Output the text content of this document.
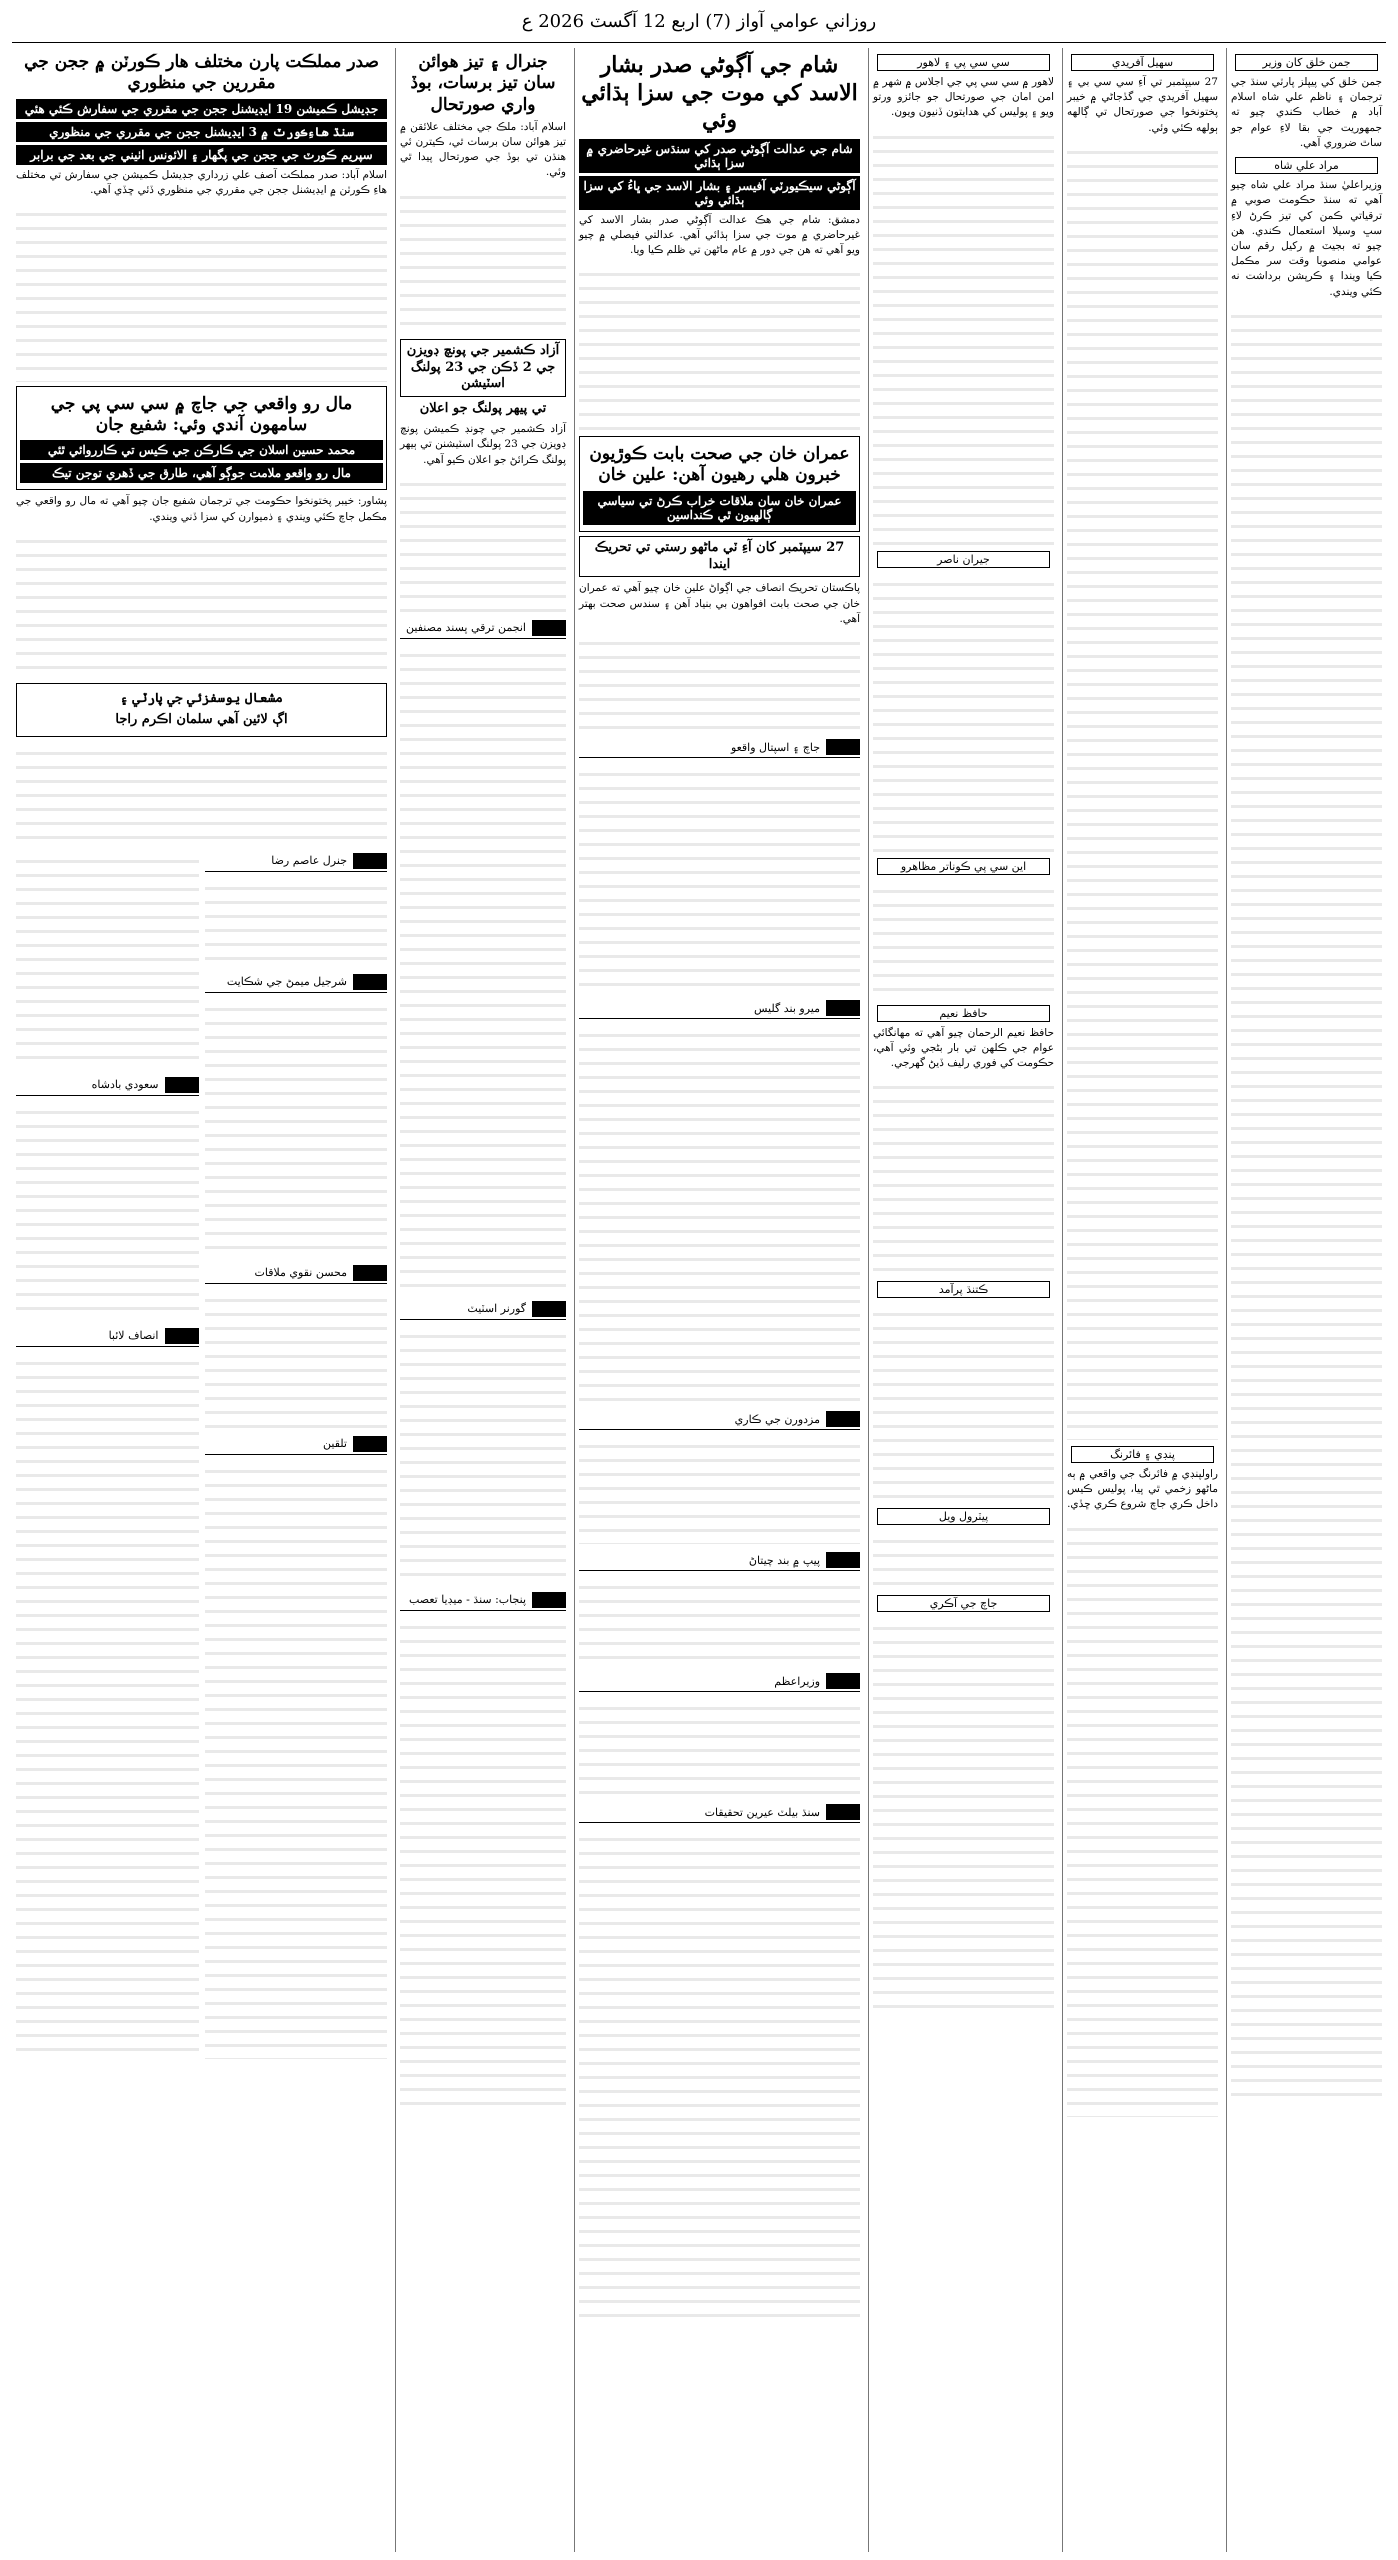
روزاني عوامي آواز (7) اربع 12 آگسٽ 2026 ع
جمن خلق کان وزير
جمن خلق کي پيپلز پارٽي سنڌ جي ترجمان ۽ ناظم علي شاه اسلام آباد ۾ خطاب ڪندي چيو ته جمهوريت جي بقا لاءِ عوام جو ساٿ ضروري آهي.
مراد علي شاه
وزيراعليٰ سنڌ مراد علي شاه چيو آهي ته سنڌ حڪومت صوبي ۾ ترقياتي ڪمن کي تيز ڪرڻ لاءِ سڀ وسيلا استعمال ڪندي. هن چيو ته بجيٽ ۾ رکيل رقم سان عوامي منصوبا وقت سر مڪمل ڪيا ويندا ۽ ڪرپشن برداشت نه ڪئي ويندي.
سهيل آفريدي
27 سيپٽمبر تي آءِ سي سي بي ۽ سهيل آفريدي جي گڏجاڻي ۾ خيبر پختونخوا جي صورتحال تي ڳالهه ٻولهه ڪئي وئي.
پنڊي ۽ فائرنگ
راولپنڊي ۾ فائرنگ جي واقعي ۾ ٻه ماڻهو زخمي ٿي پيا، پوليس ڪيس داخل ڪري جاچ شروع ڪري ڇڏي.
سي سي پي ۽ لاهور
لاهور ۾ سي سي پي جي اجلاس ۾ شهر ۾ امن امان جي صورتحال جو جائزو ورتو ويو ۽ پوليس کي هدايتون ڏنيون ويون.
جيران ناصر
اين سي پي ڪوناتر مظاهرو
حافظ نعيم
حافظ نعيم الرحمان چيو آهي ته مهانگائي عوام جي ڪلهن تي بار بڻجي وئي آهي، حڪومت کي فوري رليف ڏيڻ گهرجي.
ڪتنڌ پرآمد
پيٽرول ويل
جاچ جي آڪري
شام جي آڳوڻي صدر بشار الاسد کي موت جي سزا ٻڌائي وئي
شام جي عدالت آڳوڻي صدر کي سنڌس غيرحاضري ۾ سزا ٻڌائي
آڳوڻي سيڪيورٽي آفيسر ۽ بشار الاسد جي ڀاءُ کي سزا ٻڌائي وئي
دمشق: شام جي هڪ عدالت آڳوڻي صدر بشار الاسد کي غيرحاضري ۾ موت جي سزا ٻڌائي آهي. عدالتي فيصلي ۾ چيو ويو آهي ته هن جي دور ۾ عام ماڻهن تي ظلم ڪيا ويا.
عمران خان جي صحت بابت ڪوڙيون خبرون هلي رهيون آهن: علين خان
عمران خان سان ملاقات خراب ڪرڻ تي سياسي ڳالهيون ٿي ڪنداسين
27 سيپٽمبر کان آءِ ٽي ماڻهو رستي تي تحريڪ ايندا
پاڪستان تحريڪ انصاف جي اڳواڻ علين خان چيو آهي ته عمران خان جي صحت بابت افواهون بي بنياد آهن ۽ سندس صحت بهتر آهي.
جاچ ۽ اسپتال واقعو
ميرو بند گليس
مزدورن جي ڪاري
پيپ ۾ بند چيتاڻ
وزيراعظم
سنڌ بيلٽ عيرين تحقيقات
جنرال ۽ تيز هوائن سان تيز برسات، بوڏ واري صورتحال
اسلام آباد: ملڪ جي مختلف علائقن ۾ تيز هوائن سان برسات ٿي، ڪيترن ئي هنڌن تي بوڏ جي صورتحال پيدا ٿي وئي.
آزاد ڪشمير جي پونچ ڊويزن جي 2 ڏڪن جي 23 پولنگ اسٽيشن
تي پيهر پولنگ جو اعلان
آزاد ڪشمير جي چونڊ ڪميشن پونچ ڊويزن جي 23 پولنگ اسٽيشنن تي ٻيهر پولنگ ڪرائڻ جو اعلان ڪيو آهي.
انجمن ترقي پسند مصنفين
گورنر اسٽيٽ
پنجاب: سنڌ - ميڊيا تعصب
صدر مملڪت پارن مختلف هار ڪورٽن ۾ ججن جي مقررين جي منظوري
جڊيشل ڪميشن 19 ايڊيشنل ججن جي مقرري جي سفارش ڪئي هئي
سنڌ هاءِڪورٽ ۾ 3 ايڊيشنل ججن جي مقرري جي منظوري
سپريم ڪورٽ جي ججن جي پگهار ۽ الائونس اٺيني جي بعد جي برابر
اسلام آباد: صدر مملڪت آصف علي زرداري جڊيشل ڪميشن جي سفارش تي مختلف هاءِ ڪورٽن ۾ ايڊيشنل ججن جي مقرري جي منظوري ڏئي ڇڏي آهي.
مال رو واقعي جي جاچ ۾ سي سي پي جي سامهون آندي وئي: شفيع جان
محمد حسين اسلان جي ڪارڪن جي ڪيس تي ڪارروائي ٿئي
مال رو واقعو ملامت جوڳو آهي، طارق جي ڏهري توجن تيڪ
پشاور: خيبر پختونخوا حڪومت جي ترجمان شفيع جان چيو آهي ته مال رو واقعي جي مڪمل جاچ ڪئي ويندي ۽ ذميوارن کي سزا ڏني ويندي.
مشعال يوسفزئي جي پارٽي ۽
اڳ لائين آهي سلمان اڪرم راجا
جنرل عاصم رضا
شرجيل ميمڻ جي شڪايت
محسن نقوي ملاقات
تلقين
سعودي بادشاه
انصاف لائبا
